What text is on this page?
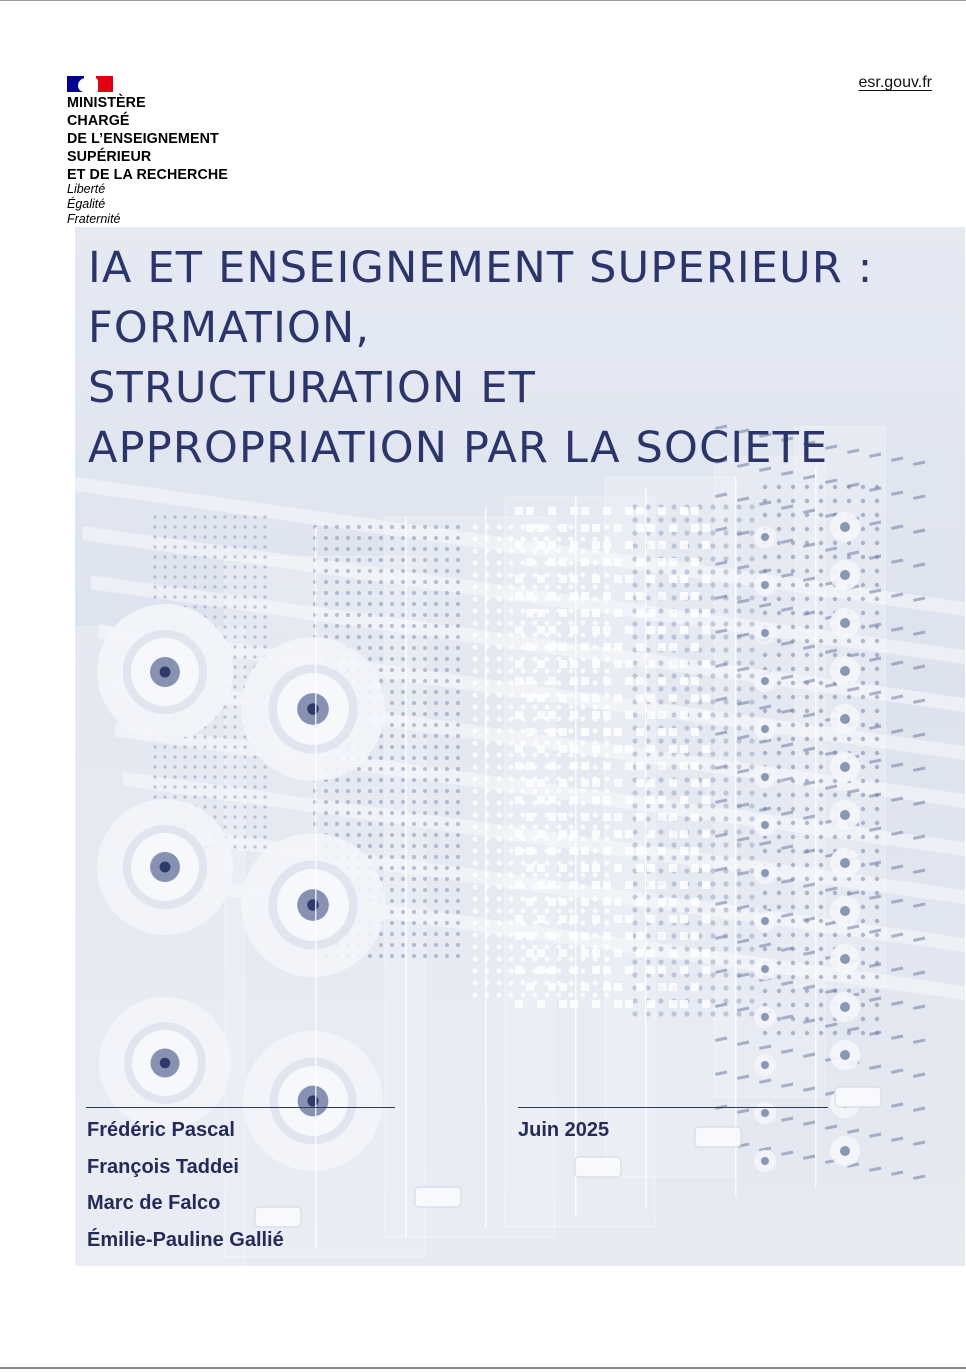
MINISTÈRE
CHARGÉ
DE L’ENSEIGNEMENT
SUPÉRIEUR
ET DE LA RECHERCHE
Liberté
Égalité
Fraternité
esr.gouv.fr
IA ET ENSEIGNEMENT SUPERIEUR :
FORMATION,
STRUCTURATION ET
APPROPRIATION PAR LA SOCIETE
Frédéric Pascal
François Taddei
Marc de Falco
Émilie-Pauline Gallié
Juin 2025
